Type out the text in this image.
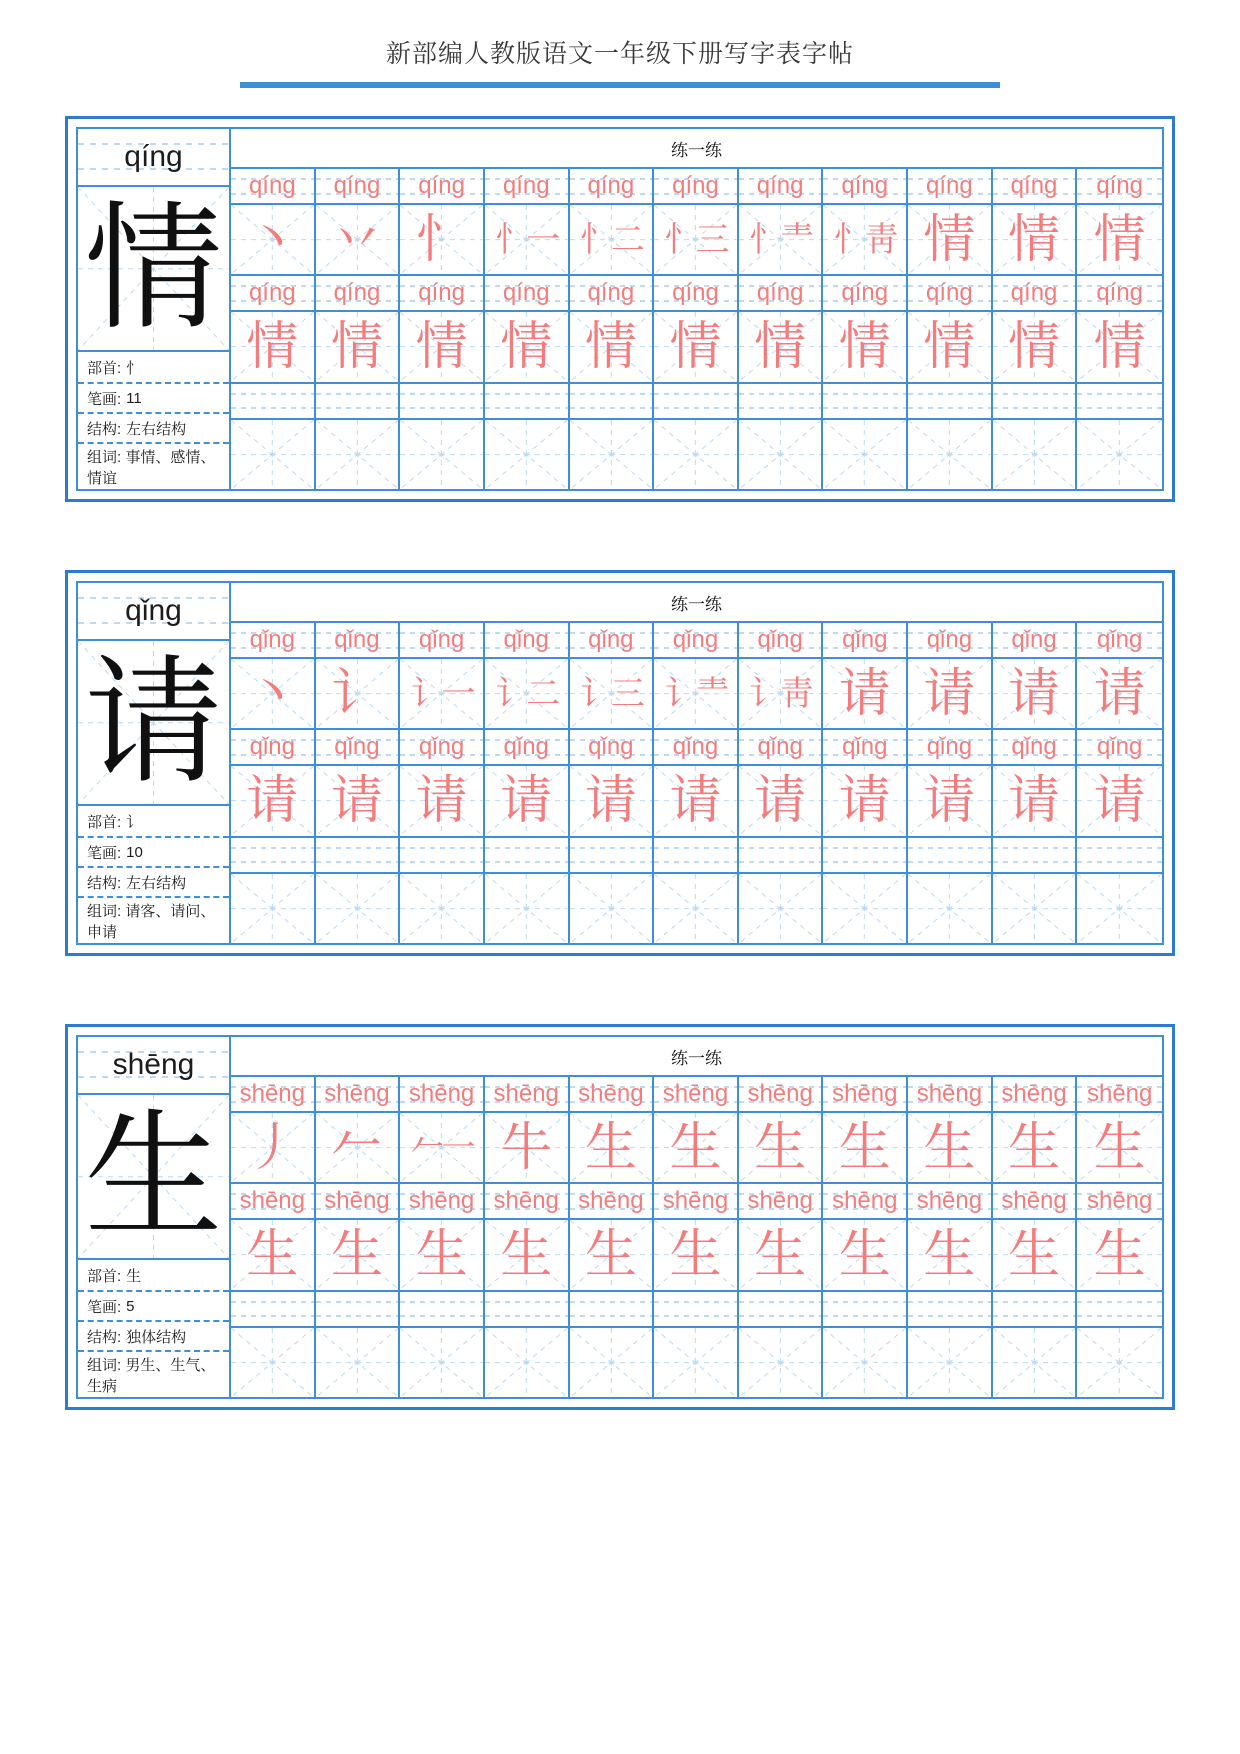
新部编人教版语文一年级下册写字表字帖
qíng
情
部首: 忄
笔画: 11
结构: 左右结构
组词: 事情、感情、情谊
练一练
qíng qíng qíng qíng qíng qíng qíng qíng qíng qíng qíng
丶 丷 忄 忄一 忄二 忄三 忄龶 忄靑 情 情 情
qíng qíng qíng qíng qíng qíng qíng qíng qíng qíng qíng
情 情 情 情 情 情 情 情 情 情 情
qǐng
请
部首: 讠
笔画: 10
结构: 左右结构
组词: 请客、请问、申请
练一练
qǐng qǐng qǐng qǐng qǐng qǐng qǐng qǐng qǐng qǐng qǐng
丶 讠 讠一 讠二 讠三 讠龶 讠靑 请 请 请 请
qǐng qǐng qǐng qǐng qǐng qǐng qǐng qǐng qǐng qǐng qǐng
请 请 请 请 请 请 请 请 请 请 请
shēng
生
部首: 生
笔画: 5
结构: 独体结构
组词: 男生、生气、生病
练一练
shēng shēng shēng shēng shēng shēng shēng shēng shēng shēng shēng
丿 𠂉 𠂉一 牛 生 生 生 生 生 生 生
shēng shēng shēng shēng shēng shēng shēng shēng shēng shēng shēng
生 生 生 生 生 生 生 生 生 生 生
